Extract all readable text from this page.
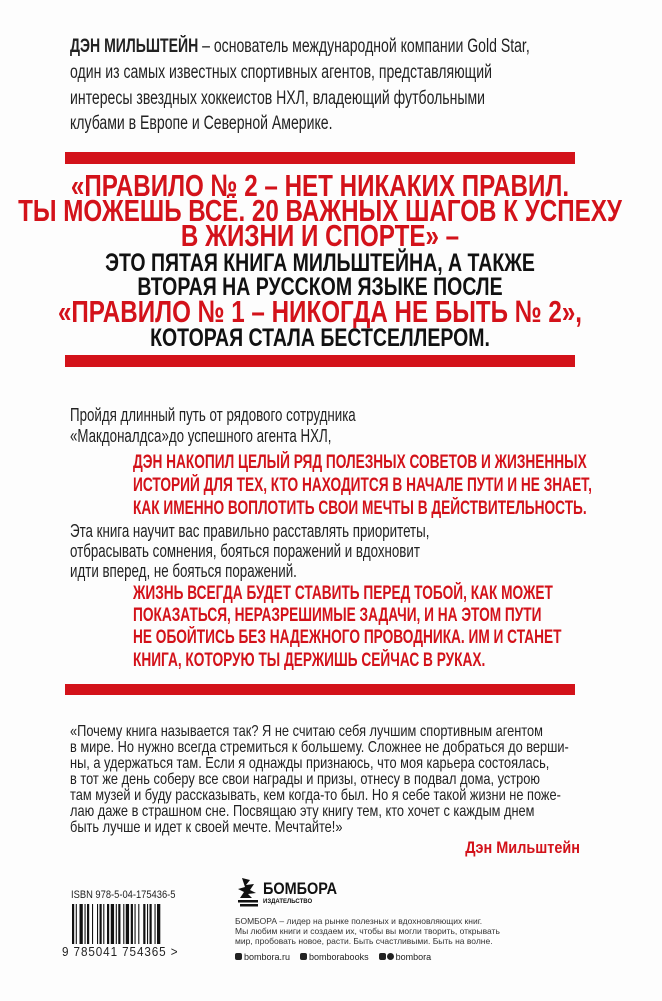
ДЭН МИЛЬШТЕЙН – основатель международной компании Gold Star,
один из самых известных спортивных агентов, представляющий
интересы звездных хоккеистов НХЛ, владеющий футбольными
клубами в Европе и Северной Америке.
«ПРАВИЛО № 2 – НЕТ НИКАКИХ ПРАВИЛ.
ТЫ МОЖЕШЬ ВСЁ. 20 ВАЖНЫХ ШАГОВ К УСПЕХУ
В ЖИЗНИ И СПОРТЕ» –
ЭТО ПЯТАЯ КНИГА МИЛЬШТЕЙНА, А ТАКЖЕ
ВТОРАЯ НА РУССКОМ ЯЗЫКЕ ПОСЛЕ
«ПРАВИЛО № 1 – НИКОГДА НЕ БЫТЬ № 2»,
КОТОРАЯ СТАЛА БЕСТСЕЛЛЕРОМ.
Пройдя длинный путь от рядового сотрудника
«Макдоналдса»до успешного агента НХЛ,
ДЭН НАКОПИЛ ЦЕЛЫЙ РЯД ПОЛЕЗНЫХ СОВЕТОВ И ЖИЗНЕННЫХ
ИСТОРИЙ ДЛЯ ТЕХ, КТО НАХОДИТСЯ В НАЧАЛЕ ПУТИ И НЕ ЗНАЕТ,
КАК ИМЕННО ВОПЛОТИТЬ СВОИ МЕЧТЫ В ДЕЙСТВИТЕЛЬНОСТЬ.
Эта книга научит вас правильно расставлять приоритеты,
отбрасывать сомнения, бояться поражений и вдохновит
идти вперед, не бояться поражений.
ЖИЗНЬ ВСЕГДА БУДЕТ СТАВИТЬ ПЕРЕД ТОБОЙ, КАК МОЖЕТ
ПОКАЗАТЬСЯ, НЕРАЗРЕШИМЫЕ ЗАДАЧИ, И НА ЭТОМ ПУТИ
НЕ ОБОЙТИСЬ БЕЗ НАДЕЖНОГО ПРОВОДНИКА. ИМ И СТАНЕТ
КНИГА, КОТОРУЮ ТЫ ДЕРЖИШЬ СЕЙЧАС В РУКАХ.
«Почему книга называется так? Я не считаю себя лучшим спортивным агентом
в мире. Но нужно всегда стремиться к большему. Сложнее не добраться до верши-
ны, а удержаться там. Если я однажды признаюсь, что моя карьера состоялась,
в тот же день соберу все свои награды и призы, отнесу в подвал дома, устрою
там музей и буду рассказывать, кем когда-то был. Но я себе такой жизни не поже-
лаю даже в страшном сне. Посвящаю эту книгу тем, кто хочет с каждым днем
быть лучше и идет к своей мечте. Мечтайте!»
Дэн Мильштейн
ISBN 978-5-04-175436-5
9 785041 754365 >
БОМБОРА
ИЗДАТЕЛЬСТВО
БОМБОРА – лидер на рынке полезных и вдохновляющих книг.
Мы любим книги и создаем их, чтобы вы могли творить, открывать
мир, пробовать новое, расти. Быть счастливыми. Быть на волне.
bombora.ru	bomborabooks	bombora
